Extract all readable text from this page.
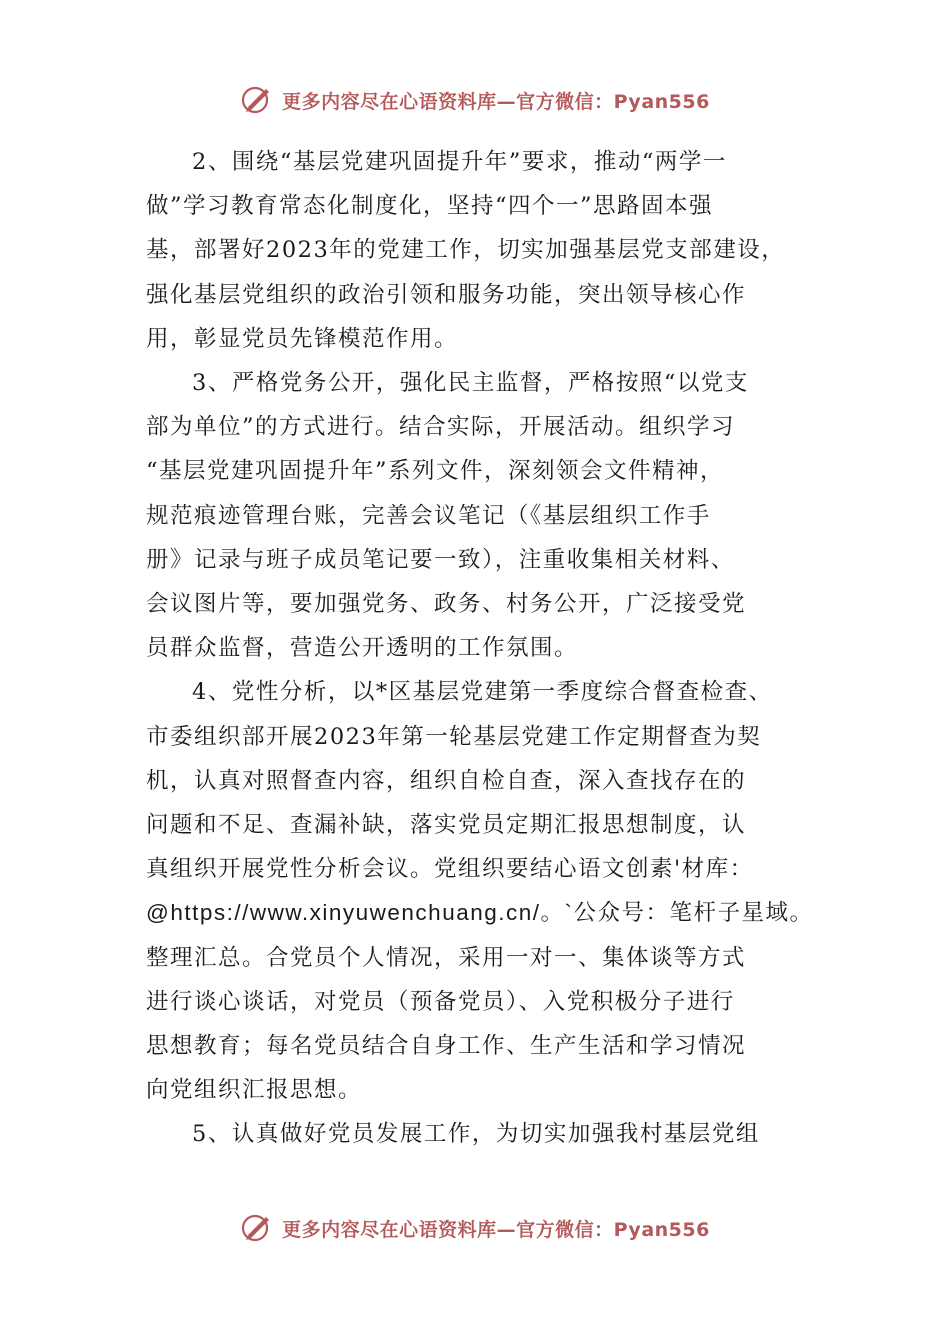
更多内容尽在心语资料库—官方微信：Pyan556

2、围绕“基层党建巩固提升年”要求，推动“两学一
做”学习教育常态化制度化，坚持“四个一”思路固本强
基，部署好2023年的党建工作，切实加强基层党支部建设，
强化基层党组织的政治引领和服务功能，突出领导核心作
用，彰显党员先锋模范作用。

3、严格党务公开，强化民主监督，严格按照“以党支
部为单位”的方式进行。结合实际，开展活动。组织学习
“基层党建巩固提升年”系列文件，深刻领会文件精神，
规范痕迹管理台账，完善会议笔记（《基层组织工作手
册》记录与班子成员笔记要一致），注重收集相关材料、
会议图片等，要加强党务、政务、村务公开，广泛接受党
员群众监督，营造公开透明的工作氛围。

4、党性分析，以*区基层党建第一季度综合督查检查、
市委组织部开展2023年第一轮基层党建工作定期督查为契
机，认真对照督查内容，组织自检自查，深入查找存在的
问题和不足、查漏补缺，落实党员定期汇报思想制度，认
真组织开展党性分析会议。党组织要结心语文创素'材库：
@https://www.xinyuwenchuang.cn/。`公众号：笔杆子星域。
整理汇总。合党员个人情况，采用一对一、集体谈等方式
进行谈心谈话，对党员（预备党员）、入党积极分子进行
思想教育；每名党员结合自身工作、生产生活和学习情况
向党组织汇报思想。

5、认真做好党员发展工作，为切实加强我村基层党组

更多内容尽在心语资料库—官方微信：Pyan556
